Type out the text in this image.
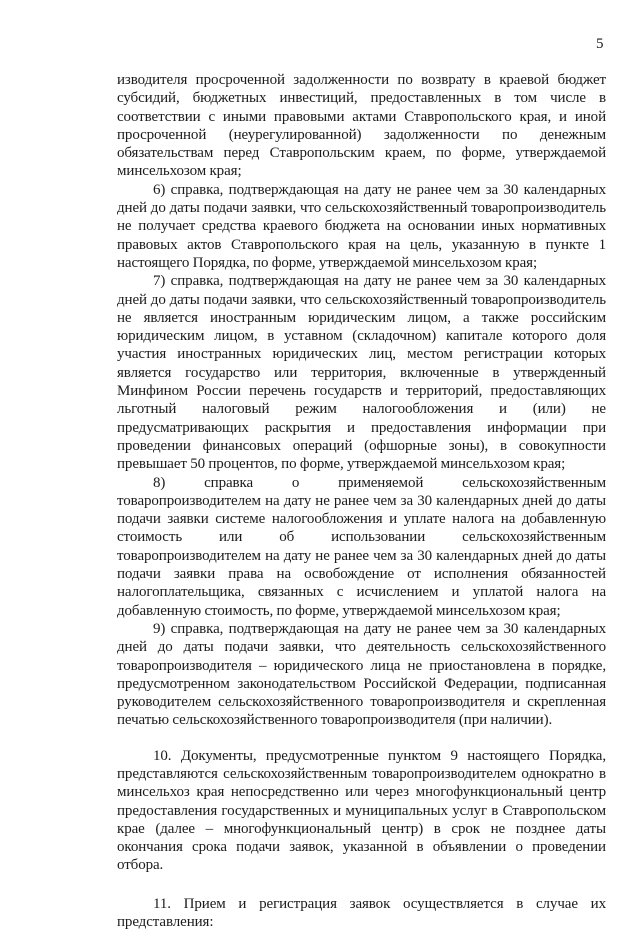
5

изводителя просроченной задолженности по возврату в краевой бюджет субсидий, бюджетных инвестиций, предоставленных в том числе в соответствии с иными правовыми актами Ставропольского края, и иной просроченной (неурегулированной) задолженности по денежным обязательствам перед Ставропольским краем, по форме, утверждаемой минсельхозом края;

6) справка, подтверждающая на дату не ранее чем за 30 календарных дней до даты подачи заявки, что сельскохозяйственный товаропроизводитель не получает средства краевого бюджета на основании иных нормативных правовых актов Ставропольского края на цель, указанную в пункте 1 настоящего Порядка, по форме, утверждаемой минсельхозом края;

7) справка, подтверждающая на дату не ранее чем за 30 календарных дней до даты подачи заявки, что сельскохозяйственный товаропроизводитель не является иностранным юридическим лицом, а также российским юридическим лицом, в уставном (складочном) капитале которого доля участия иностранных юридических лиц, местом регистрации которых является государство или территория, включенные в утвержденный Минфином России перечень государств и территорий, предоставляющих льготный налоговый режим налогообложения и (или) не предусматривающих раскрытия и предоставления информации при проведении финансовых операций (офшорные зоны), в совокупности превышает 50 процентов, по форме, утверждаемой минсельхозом края;

8) справка о применяемой сельскохозяйственным товаропроизводителем на дату не ранее чем за 30 календарных дней до даты подачи заявки системе налогообложения и уплате налога на добавленную стоимость или об использовании сельскохозяйственным товаропроизводителем на дату не ранее чем за 30 календарных дней до даты подачи заявки права на освобождение от исполнения обязанностей налогоплательщика, связанных с исчислением и уплатой налога на добавленную стоимость, по форме, утверждаемой минсельхозом края;

9) справка, подтверждающая на дату не ранее чем за 30 календарных дней до даты подачи заявки, что деятельность сельскохозяйственного товаропроизводителя – юридического лица не приостановлена в порядке, предусмотренном законодательством Российской Федерации, подписанная руководителем сельскохозяйственного товаропроизводителя и скрепленная печатью сельскохозяйственного товаропроизводителя (при наличии).

10. Документы, предусмотренные пунктом 9 настоящего Порядка, представляются сельскохозяйственным товаропроизводителем однократно в минсельхоз края непосредственно или через многофункциональный центр предоставления государственных и муниципальных услуг в Ставропольском крае (далее – многофункциональный центр) в срок не позднее даты окончания срока подачи заявок, указанной в объявлении о проведении отбора.

11. Прием и регистрация заявок осуществляется в случае их представления:
